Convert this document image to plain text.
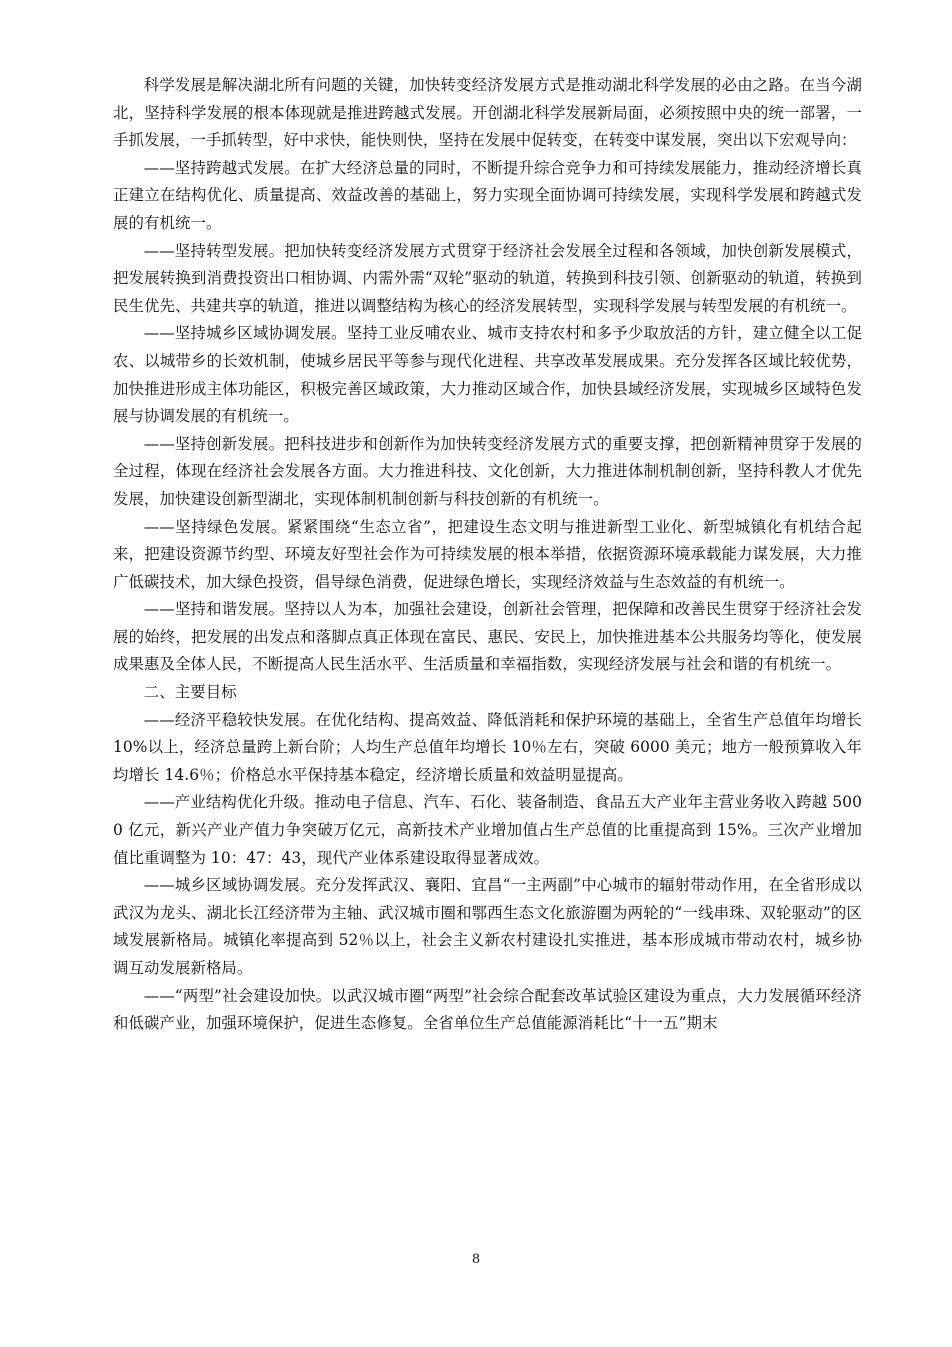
科学发展是解决湖北所有问题的关键，加快转变经济发展方式是推动湖北科学发展的必由之路。在当今湖北，坚持科学发展的根本体现就是推进跨越式发展。开创湖北科学发展新局面，必须按照中央的统一部署，一手抓发展，一手抓转型，好中求快，能快则快，坚持在发展中促转变，在转变中谋发展，突出以下宏观导向：

——坚持跨越式发展。在扩大经济总量的同时，不断提升综合竞争力和可持续发展能力，推动经济增长真正建立在结构优化、质量提高、效益改善的基础上，努力实现全面协调可持续发展，实现科学发展和跨越式发展的有机统一。

——坚持转型发展。把加快转变经济发展方式贯穿于经济社会发展全过程和各领域，加快创新发展模式，把发展转换到消费投资出口相协调、内需外需“双轮”驱动的轨道，转换到科技引领、创新驱动的轨道，转换到民生优先、共建共享的轨道，推进以调整结构为核心的经济发展转型，实现科学发展与转型发展的有机统一。

——坚持城乡区域协调发展。坚持工业反哺农业、城市支持农村和多予少取放活的方针，建立健全以工促农、以城带乡的长效机制，使城乡居民平等参与现代化进程、共享改革发展成果。充分发挥各区域比较优势，加快推进形成主体功能区，积极完善区域政策，大力推动区域合作，加快县域经济发展，实现城乡区域特色发展与协调发展的有机统一。

——坚持创新发展。把科技进步和创新作为加快转变经济发展方式的重要支撑，把创新精神贯穿于发展的全过程，体现在经济社会发展各方面。大力推进科技、文化创新，大力推进体制机制创新，坚持科教人才优先发展，加快建设创新型湖北，实现体制机制创新与科技创新的有机统一。

——坚持绿色发展。紧紧围绕“生态立省”，把建设生态文明与推进新型工业化、新型城镇化有机结合起来，把建设资源节约型、环境友好型社会作为可持续发展的根本举措，依据资源环境承载能力谋发展，大力推广低碳技术，加大绿色投资，倡导绿色消费，促进绿色增长，实现经济效益与生态效益的有机统一。

——坚持和谐发展。坚持以人为本，加强社会建设，创新社会管理，把保障和改善民生贯穿于经济社会发展的始终，把发展的出发点和落脚点真正体现在富民、惠民、安民上，加快推进基本公共服务均等化，使发展成果惠及全体人民，不断提高人民生活水平、生活质量和幸福指数，实现经济发展与社会和谐的有机统一。

二、主要目标

——经济平稳较快发展。在优化结构、提高效益、降低消耗和保护环境的基础上，全省生产总值年均增长 10%以上，经济总量跨上新台阶；人均生产总值年均增长 10％左右，突破 6000 美元；地方一般预算收入年均增长 14.6％；价格总水平保持基本稳定，经济增长质量和效益明显提高。

——产业结构优化升级。推动电子信息、汽车、石化、装备制造、食品五大产业年主营业务收入跨越 5000 亿元，新兴产业产值力争突破万亿元，高新技术产业增加值占生产总值的比重提高到 15%。三次产业增加值比重调整为 10：47：43，现代产业体系建设取得显著成效。

——城乡区域协调发展。充分发挥武汉、襄阳、宜昌“一主两副”中心城市的辐射带动作用，在全省形成以武汉为龙头、湖北长江经济带为主轴、武汉城市圈和鄂西生态文化旅游圈为两轮的“一线串珠、双轮驱动”的区域发展新格局。城镇化率提高到 52％以上，社会主义新农村建设扎实推进，基本形成城市带动农村，城乡协调互动发展新格局。

——“两型”社会建设加快。以武汉城市圈“两型”社会综合配套改革试验区建设为重点，大力发展循环经济和低碳产业，加强环境保护，促进生态修复。全省单位生产总值能源消耗比“十一五”期末

8
